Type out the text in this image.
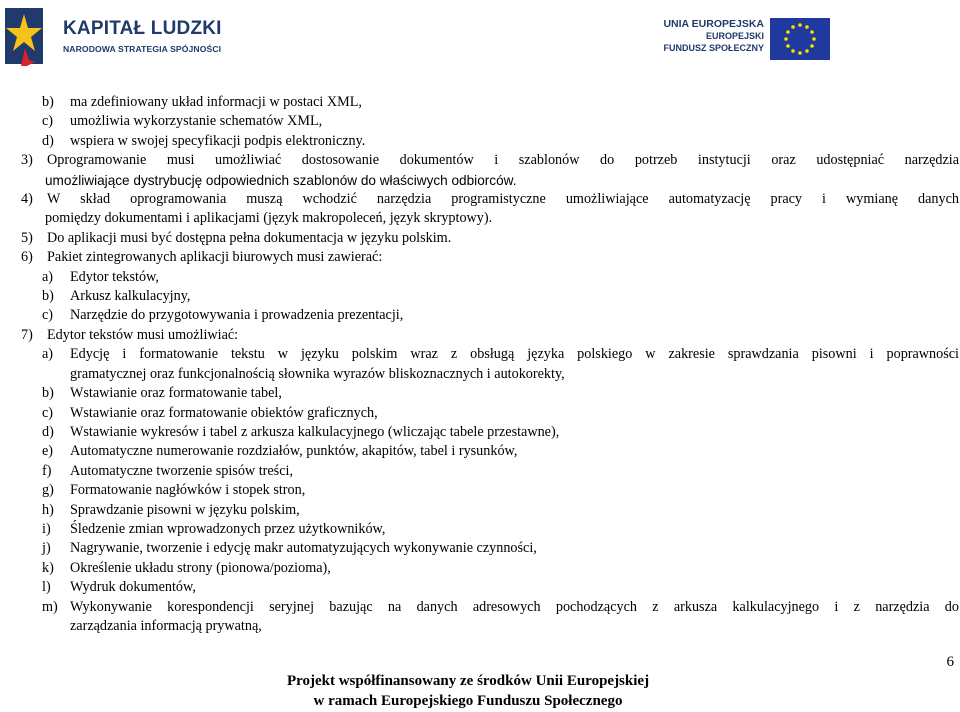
KAPITAŁ LUDZKI
NARODOWA STRATEGIA SPÓJNOŚCI
UNIA EUROPEJSKA
EUROPEJSKI
FUNDUSZ SPOŁECZNY
b) ma zdefiniowany układ informacji w postaci XML,
c) umożliwia wykorzystanie schematów XML,
d) wspiera w swojej specyfikacji podpis elektroniczny.
3) Oprogramowanie musi umożliwiać dostosowanie dokumentów i szablonów do potrzeb instytucji oraz udostępniać narzędzia
umożliwiające dystrybucję odpowiednich szablonów do właściwych odbiorców.
4) W skład oprogramowania muszą wchodzić narzędzia programistyczne umożliwiające automatyzację pracy i wymianę danych
pomiędzy dokumentami i aplikacjami (język makropoleceń, język skryptowy).
5) Do aplikacji musi być dostępna pełna dokumentacja w języku polskim.
6) Pakiet zintegrowanych aplikacji biurowych musi zawierać:
a) Edytor tekstów,
b) Arkusz kalkulacyjny,
c) Narzędzie do przygotowywania i prowadzenia prezentacji,
7) Edytor tekstów musi umożliwiać:
a) Edycję i formatowanie tekstu w języku polskim wraz z obsługą języka polskiego w zakresie sprawdzania pisowni i poprawności
gramatycznej oraz funkcjonalnością słownika wyrazów bliskoznacznych i autokorekty,
b) Wstawianie oraz formatowanie tabel,
c) Wstawianie oraz formatowanie obiektów graficznych,
d) Wstawianie wykresów i tabel z arkusza kalkulacyjnego (wliczając tabele przestawne),
e) Automatyczne numerowanie rozdziałów, punktów, akapitów, tabel i rysunków,
f) Automatyczne tworzenie spisów treści,
g) Formatowanie nagłówków i stopek stron,
h) Sprawdzanie pisowni w języku polskim,
i) Śledzenie zmian wprowadzonych przez użytkowników,
j) Nagrywanie, tworzenie i edycję makr automatyzujących wykonywanie czynności,
k) Określenie układu strony (pionowa/pozioma),
l) Wydruk dokumentów,
m) Wykonywanie korespondencji seryjnej bazując na danych adresowych pochodzących z arkusza kalkulacyjnego i z narzędzia do
zarządzania informacją prywatną,
6
Projekt współfinansowany ze środków Unii Europejskiej
w ramach Europejskiego Funduszu Społecznego
